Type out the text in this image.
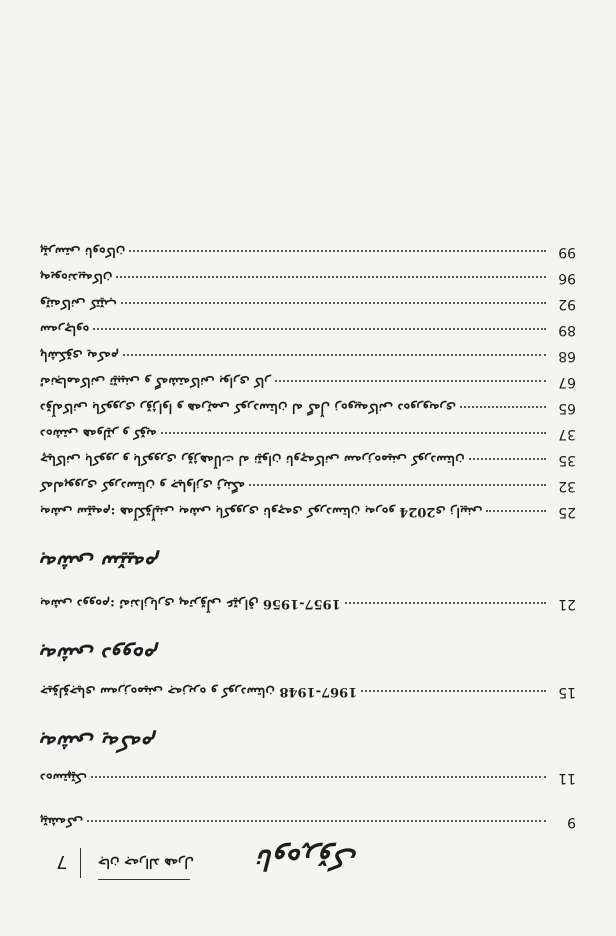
7 جان جەرالد هەرل	ناوەڕۆک
پێشەکی	9
دەستپێک	11
بەشی یەکەم
جیۆلۆجیای سەرزەمینی جەزیرە و کوردستان 1948-1967	15
بەشی دووەم
بەشی دووەم: ئەندازیاری پەترۆڵی عێراق 1956-1957	21
بەشی سێیەم
بەشی سێیەم: هەڵکۆڵینی بەشی باکووری ناوچەی کوردستان بەرەو 2024ی زایینی	25
کەلەپووری کوردستان و جیاوازی ژینگە	32
چیاکانی باکوور و باکووری رۆژهەڵات لە نێوان ناوچەکانی سەرزەمینی کوردستان	35
دەشتی هەولێر و کۆیە	37
دۆڵەکانی باکووری رۆژاوا و هەرێمی کوردستان لە گەڵ زەوییەکانی دەوروبەری	65
ئەنجامەکانی تێبینی و گەشتەکانی بواری کار	67
پاشکۆی یەکەم	68
سەرچاوە	89
وێنەکانی کتێب	92
پەیوەندییەکان	96
پێرستی ناوەکان	99
